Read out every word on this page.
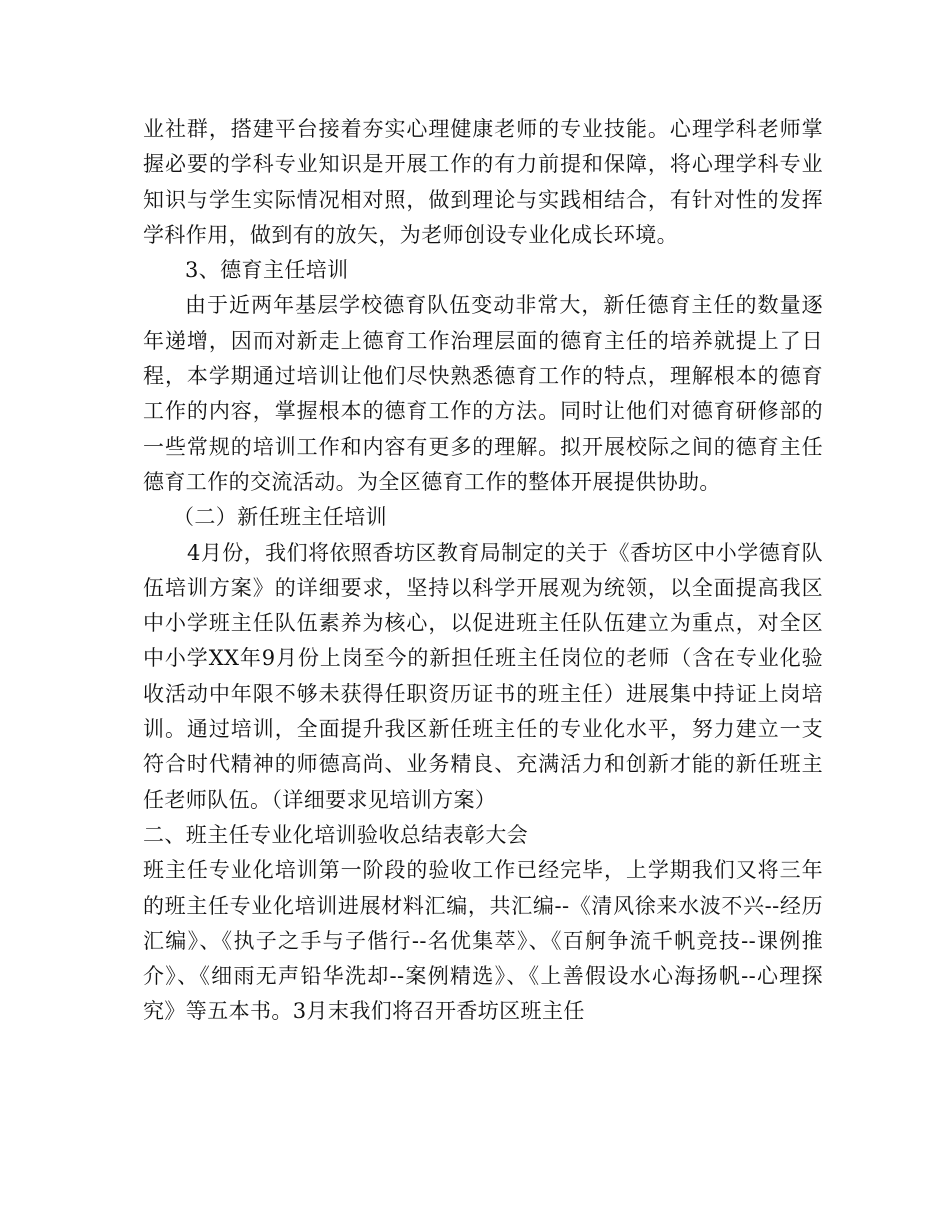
业社群，搭建平台接着夯实心理健康老师的专业技能。心理学科老师掌握必要的学科专业知识是开展工作的有力前提和保障，将心理学科专业知识与学生实际情况相对照，做到理论与实践相结合，有针对性的发挥学科作用，做到有的放矢，为老师创设专业化成长环境。

3、德育主任培训

由于近两年基层学校德育队伍变动非常大，新任德育主任的数量逐年递增，因而对新走上德育工作治理层面的德育主任的培养就提上了日程，本学期通过培训让他们尽快熟悉德育工作的特点，理解根本的德育工作的内容，掌握根本的德育工作的方法。同时让他们对德育研修部的一些常规的培训工作和内容有更多的理解。拟开展校际之间的德育主任德育工作的交流活动。为全区德育工作的整体开展提供协助。

（二）新任班主任培训

4月份，我们将依照香坊区教育局制定的关于《香坊区中小学德育队伍培训方案》的详细要求，坚持以科学开展观为统领，以全面提高我区中小学班主任队伍素养为核心，以促进班主任队伍建立为重点，对全区中小学XX年9月份上岗至今的新担任班主任岗位的老师（含在专业化验收活动中年限不够未获得任职资历证书的班主任）进展集中持证上岗培训。通过培训，全面提升我区新任班主任的专业化水平，努力建立一支符合时代精神的师德高尚、业务精良、充满活力和创新才能的新任班主任老师队伍。（详细要求见培训方案）

二、班主任专业化培训验收总结表彰大会

班主任专业化培训第一阶段的验收工作已经完毕，上学期我们又将三年的班主任专业化培训进展材料汇编，共汇编--《清风徐来水波不兴--经历汇编》、《执子之手与子偕行--名优集萃》、《百舸争流千帆竞技--课例推介》、《细雨无声铅华洗却--案例精选》、《上善假设水心海扬帆--心理探究》等五本书。3月末我们将召开香坊区班主任
